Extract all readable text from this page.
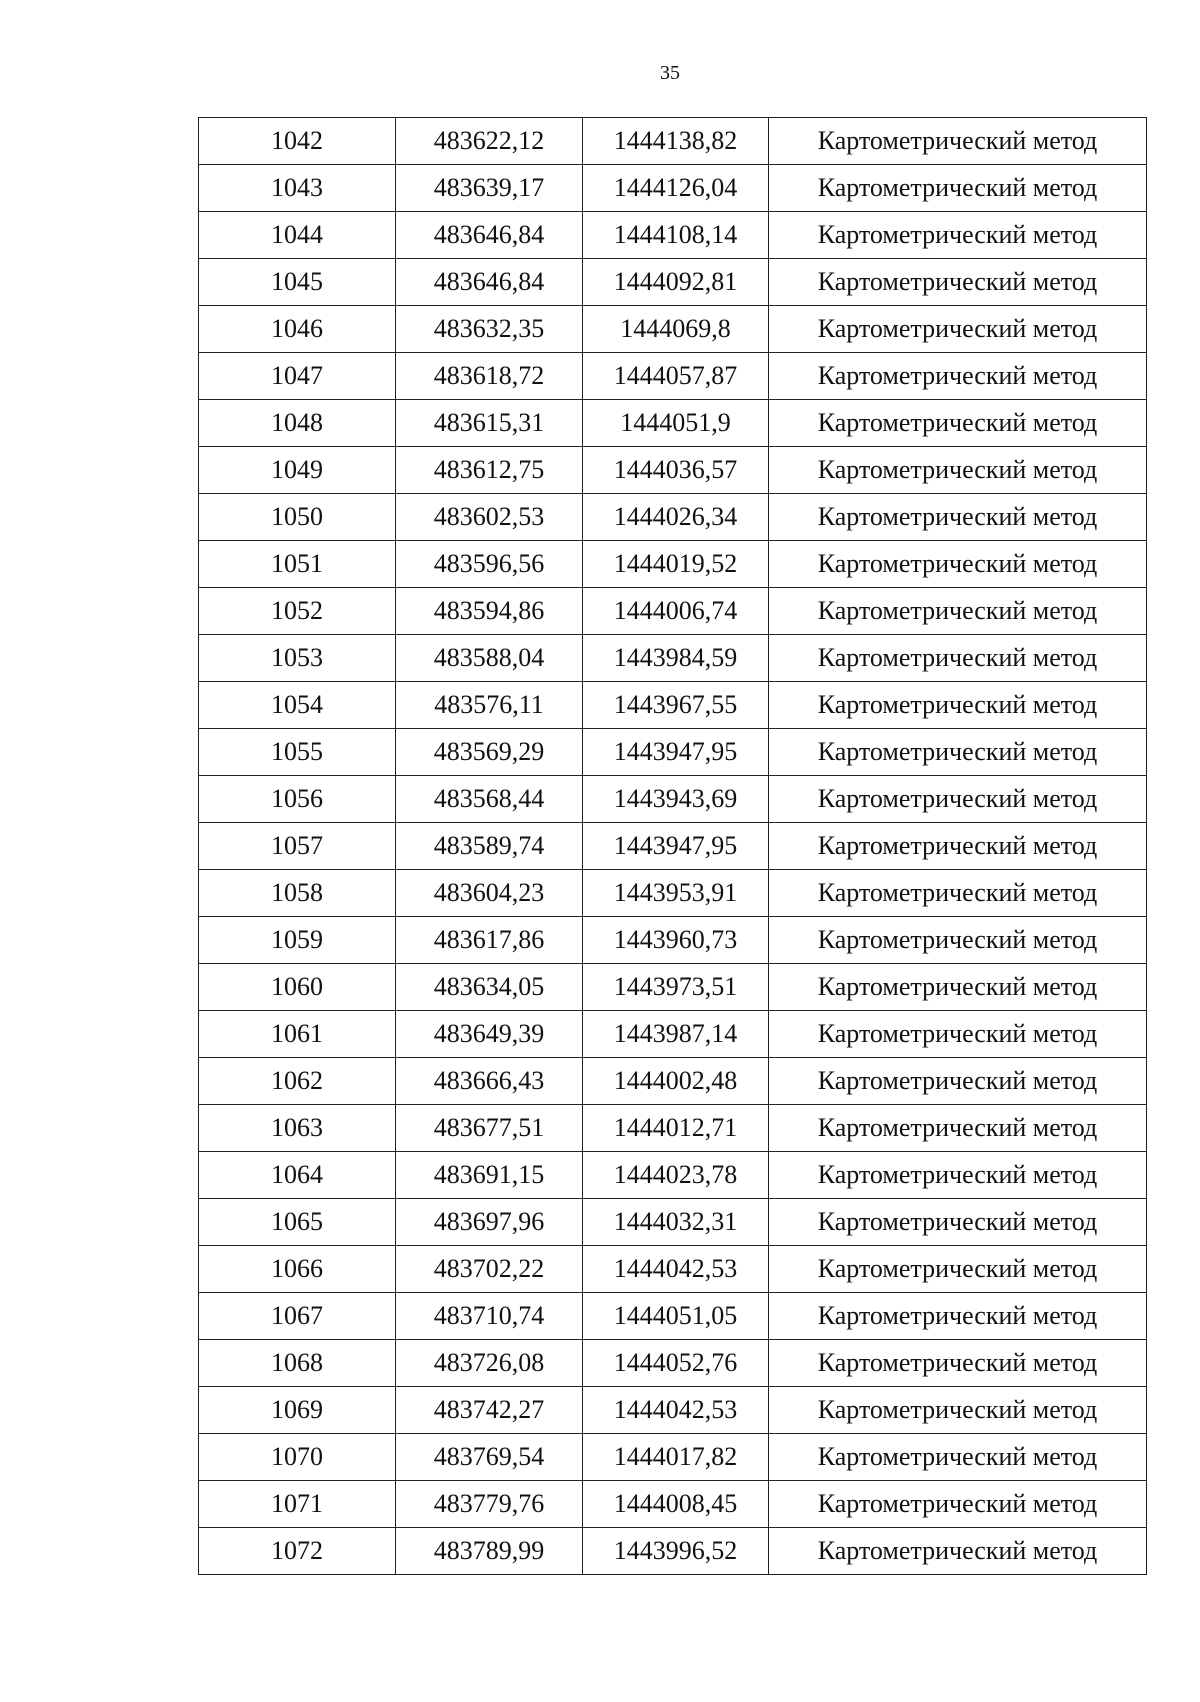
35
1042	483622,12	1444138,82	Картометрический метод
1043	483639,17	1444126,04	Картометрический метод
1044	483646,84	1444108,14	Картометрический метод
1045	483646,84	1444092,81	Картометрический метод
1046	483632,35	1444069,8	Картометрический метод
1047	483618,72	1444057,87	Картометрический метод
1048	483615,31	1444051,9	Картометрический метод
1049	483612,75	1444036,57	Картометрический метод
1050	483602,53	1444026,34	Картометрический метод
1051	483596,56	1444019,52	Картометрический метод
1052	483594,86	1444006,74	Картометрический метод
1053	483588,04	1443984,59	Картометрический метод
1054	483576,11	1443967,55	Картометрический метод
1055	483569,29	1443947,95	Картометрический метод
1056	483568,44	1443943,69	Картометрический метод
1057	483589,74	1443947,95	Картометрический метод
1058	483604,23	1443953,91	Картометрический метод
1059	483617,86	1443960,73	Картометрический метод
1060	483634,05	1443973,51	Картометрический метод
1061	483649,39	1443987,14	Картометрический метод
1062	483666,43	1444002,48	Картометрический метод
1063	483677,51	1444012,71	Картометрический метод
1064	483691,15	1444023,78	Картометрический метод
1065	483697,96	1444032,31	Картометрический метод
1066	483702,22	1444042,53	Картометрический метод
1067	483710,74	1444051,05	Картометрический метод
1068	483726,08	1444052,76	Картометрический метод
1069	483742,27	1444042,53	Картометрический метод
1070	483769,54	1444017,82	Картометрический метод
1071	483779,76	1444008,45	Картометрический метод
1072	483789,99	1443996,52	Картометрический метод
